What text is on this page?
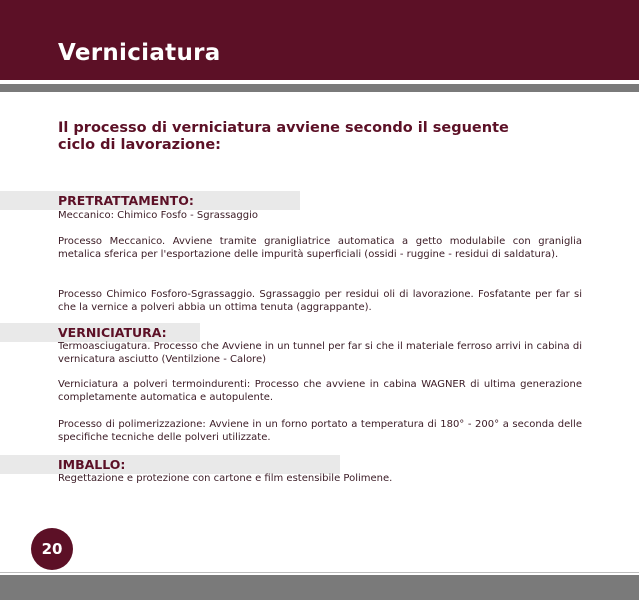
Verniciatura

Il processo di verniciatura avviene secondo il seguente ciclo di lavorazione:

PRETRATTAMENTO:

Meccanico: Chimico Fosfo - Sgrassaggio

Processo Meccanico. Avviene tramite granigliatrice automatica a getto modulabile con graniglia metalica sferica per l'esportazione delle impurità superficiali (ossidi - ruggine - residui di saldatura).

Processo Chimico Fosforo-Sgrassaggio. Sgrassaggio per residui oli di lavorazione. Fosfatante per far si che la vernice a polveri abbia un ottima tenuta (aggrappante).

VERNICIATURA:

Termoasciugatura. Processo che Avviene in un tunnel per far si che il materiale ferroso arrivi in cabina di vernicatura asciutto (Ventilzione - Calore)

Verniciatura a polveri termoindurenti: Processo che avviene in cabina WAGNER di ultima generazione completamente automatica e autopulente.

Processo di polimerizzazione: Avviene in un forno portato a temperatura di 180° - 200° a seconda delle specifiche tecniche delle polveri utilizzate.

IMBALLO:

Regettazione e protezione con cartone e film estensibile Polimene.

20
